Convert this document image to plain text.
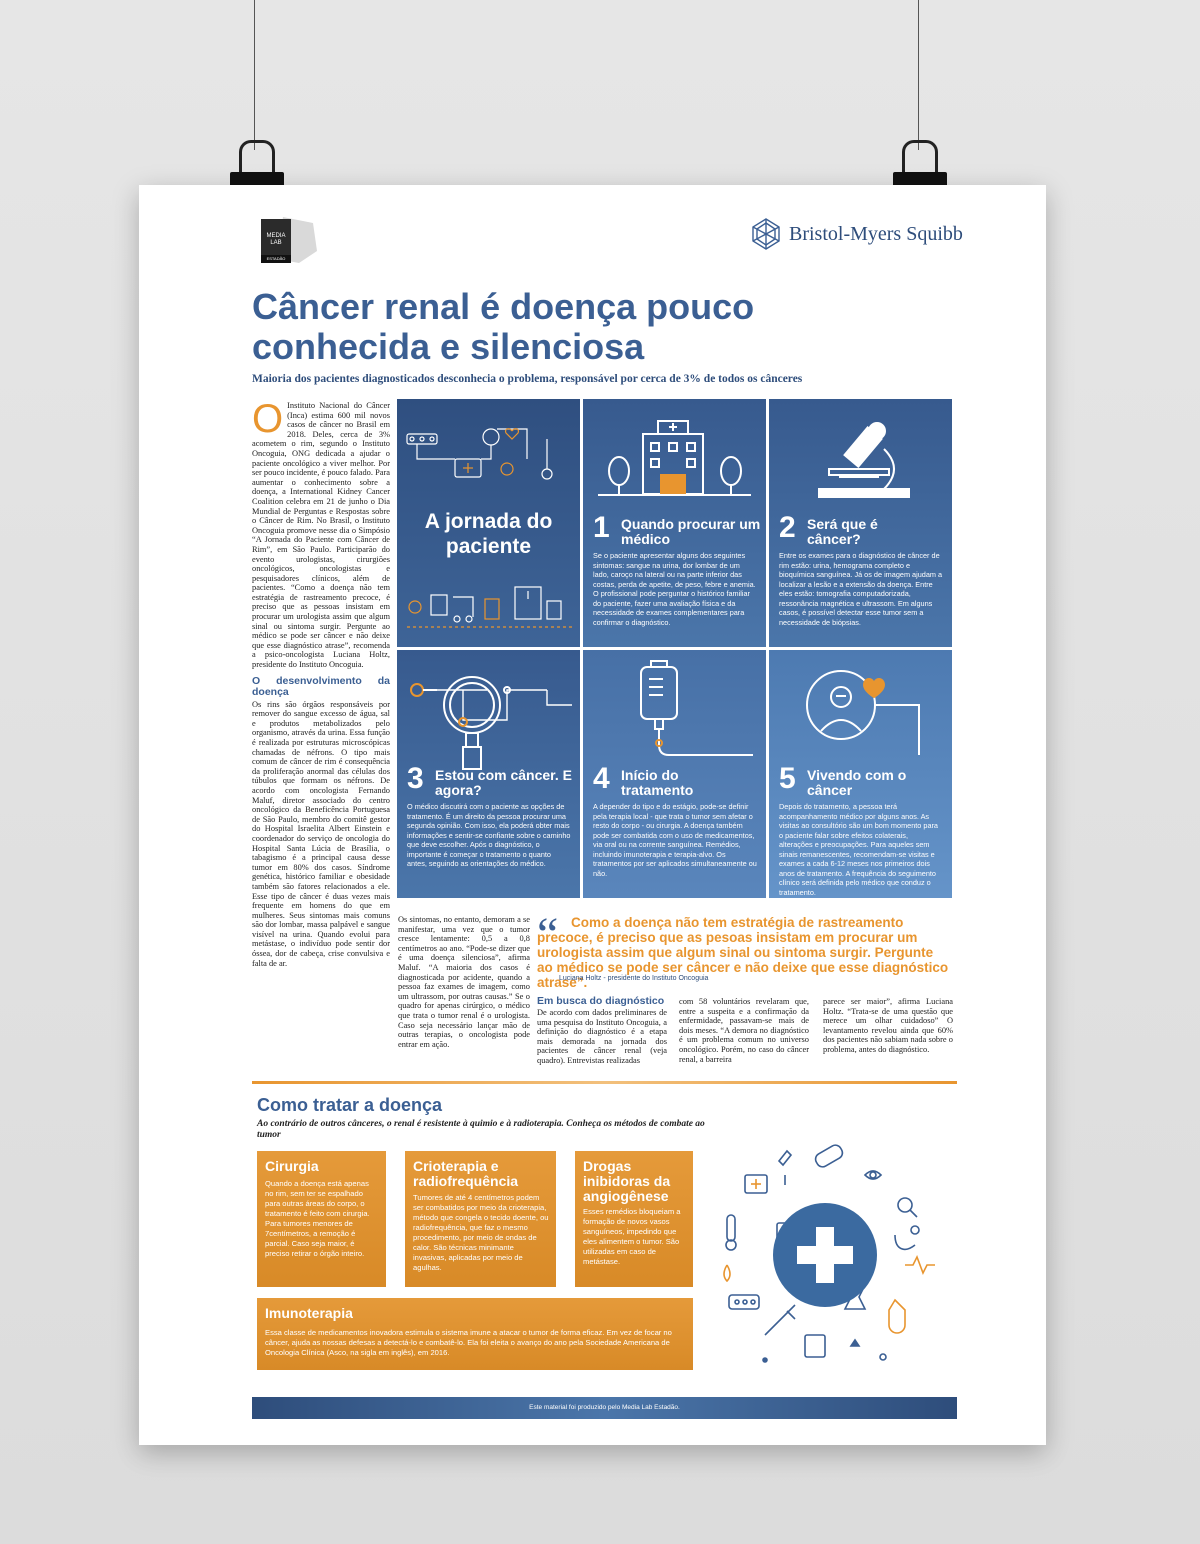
MEDIA LAB
ESTADÃO
Bristol-Myers Squibb
Câncer renal é doença pouco
conhecida e silenciosa
Maioria dos pacientes diagnosticados desconhecia o problema, responsável por cerca de 3% de todos os cânceres
O Instituto Nacional do Câncer (Inca) estima 600 mil novos casos de câncer no Brasil em 2018. Deles, cerca de 3% acometem o rim, segundo o Instituto Oncoguia, ONG dedicada a ajudar o paciente oncológico a viver melhor. Por ser pouco incidente, é pouco falado. Para aumentar o conhecimento sobre a doença, a International Kidney Cancer Coalition celebra em 21 de junho o Dia Mundial de Perguntas e Respostas sobre o Câncer de Rim. No Brasil, o Instituto Oncoguia promove nesse dia o Simpósio “A Jornada do Paciente com Câncer de Rim”, em São Paulo. Participarão do evento urologistas, cirurgiões oncológicos, oncologistas e pesquisadores clínicos, além de pacientes. “Como a doença não tem estratégia de rastreamento precoce, é preciso que as pessoas insistam em procurar um urologista assim que algum sinal ou sintoma surgir. Pergunte ao médico se pode ser câncer e não deixe que esse diagnóstico atrase”, recomenda a psico-oncologista Luciana Holtz, presidente do Instituto Oncoguia.
O desenvolvimento da doença
Os rins são órgãos responsáveis por remover do sangue excesso de água, sal e produtos metabolizados pelo organismo, através da urina. Essa função é realizada por estruturas microscópicas chamadas de néfrons. O tipo mais comum de câncer de rim é consequência da proliferação anormal das células dos túbulos que formam os néfrons. De acordo com oncologista Fernando Maluf, diretor associado do centro oncológico da Beneficência Portuguesa de São Paulo, membro do comitê gestor do Hospital Israelita Albert Einstein e coordenador do serviço de oncologia do Hospital Santa Lúcia de Brasília, o tabagismo é a principal causa desse tumor em 80% dos casos. Síndrome genética, histórico familiar e obesidade também são fatores relacionados a ele. Esse tipo de câncer é duas vezes mais frequente em homens do que em mulheres. Seus sintomas mais comuns são dor lombar, massa palpável e sangue visível na urina. Quando evolui para metástase, o indivíduo pode sentir dor óssea, dor de cabeça, crise convulsiva e falta de ar.
A jornada do paciente
1 Quando procurar um médico
Se o paciente apresentar alguns dos seguintes sintomas: sangue na urina, dor lombar de um lado, caroço na lateral ou na parte inferior das costas, perda de apetite, de peso, febre e anemia. O profissional pode perguntar o histórico familiar do paciente, fazer uma avaliação física e da necessidade de exames complementares para confirmar o diagnóstico.
2 Será que é câncer?
Entre os exames para o diagnóstico de câncer de rim estão: urina, hemograma completo e bioquímica sanguínea. Já os de imagem ajudam a localizar a lesão e a extensão da doença. Entre eles estão: tomografia computadorizada, ressonância magnética e ultrassom. Em alguns casos, é possível detectar esse tumor sem a necessidade de biópsias.
3 Estou com câncer. E agora?
O médico discutirá com o paciente as opções de tratamento. É um direito da pessoa procurar uma segunda opinião. Com isso, ela poderá obter mais informações e sentir-se confiante sobre o caminho que deve escolher. Após o diagnóstico, o importante é começar o tratamento o quanto antes, seguindo as orientações do médico.
4 Início do tratamento
A depender do tipo e do estágio, pode-se definir pela terapia local - que trata o tumor sem afetar o resto do corpo - ou cirurgia. A doença também pode ser combatida com o uso de medicamentos, via oral ou na corrente sanguínea. Remédios, incluindo imunoterapia e terapia-alvo. Os tratamentos por ser aplicados simultaneamente ou não.
5 Vivendo com o câncer
Depois do tratamento, a pessoa terá acompanhamento médico por alguns anos. As visitas ao consultório são um bom momento para o paciente falar sobre efeitos colaterais, alterações e preocupações. Para aqueles sem sinais remanescentes, recomendam-se visitas e exames a cada 6-12 meses nos primeiros dois anos de tratamento. A frequência do seguimento clínico será definida pelo médico que conduz o tratamento.
Os sintomas, no entanto, demoram a se manifestar, uma vez que o tumor cresce lentamente: 0,5 a 0,8 centímetros ao ano. “Pode-se dizer que é uma doença silenciosa”, afirma Maluf. “A maioria dos casos é diagnosticada por acidente, quando a pessoa faz exames de imagem, como um ultrassom, por outras causas.” Se o quadro for apenas cirúrgico, o médico que trata o tumor renal é o urologista. Caso seja necessário lançar mão de outras terapias, o oncologista pode entrar em ação.
“ Como a doença não tem estratégia de rastreamento precoce, é preciso que as pesoas insistam em procurar um urologista assim que algum sinal ou sintoma surgir. Pergunte ao médico se pode ser câncer e não deixe que esse diagnóstico atrase”.
Luciana Holtz - presidente do Instituto Oncoguia
Em busca do diagnóstico
De acordo com dados preliminares de uma pesquisa do Instituto Oncoguia, a definição do diagnóstico é a etapa mais demorada na jornada dos pacientes de câncer renal (veja quadro). Entrevistas realizadas
com 58 voluntários revelaram que, entre a suspeita e a confirmação da enfermidade, passavam-se mais de dois meses. “A demora no diagnóstico é um problema comum no universo oncológico. Porém, no caso do câncer renal, a barreira
parece ser maior”, afirma Luciana Holtz. “Trata-se de uma questão que merece um olhar cuidadoso” O levantamento revelou ainda que 60% dos pacientes não sabiam nada sobre o problema, antes do diagnóstico.
Como tratar a doença
Ao contrário de outros cânceres, o renal é resistente à quimio e à radioterapia. Conheça os métodos de combate ao tumor
Cirurgia
Quando a doença está apenas no rim, sem ter se espalhado para outras áreas do corpo, o tratamento é feito com cirurgia. Para tumores menores de 7centímetros, a remoção é parcial. Caso seja maior, é preciso retirar o órgão inteiro.
Crioterapia e radiofrequência
Tumores de até 4 centímetros podem ser combatidos por meio da crioterapia, método que congela o tecido doente, ou radiofrequência, que faz o mesmo procedimento, por meio de ondas de calor. São técnicas minimante invasivas, aplicadas por meio de agulhas.
Drogas inibidoras da angiogênese
Esses remédios bloqueiam a formação de novos vasos sanguíneos, impedindo que eles alimentem o tumor. São utilizadas em caso de metástase.
Imunoterapia
Essa classe de medicamentos inovadora estimula o sistema imune a atacar o tumor de forma eficaz. Em vez de focar no câncer, ajuda as nossas defesas a detectá-lo e combatê-lo. Ela foi eleita o avanço do ano pela Sociedade Americana de Oncologia Clínica (Asco, na sigla em inglês), em 2016.
Este material foi produzido pelo Media Lab Estadão.
